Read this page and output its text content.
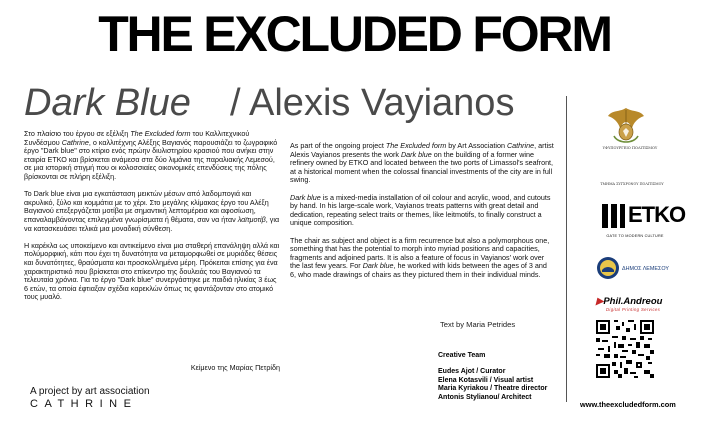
THE EXCLUDED FORM
Dark Blue / Alexis Vayianos

Στο πλαίσιο του έργου σε εξέλιξη The Excluded form του Καλλιτεχνικού Συνδέσμου Cathrine, ο καλλιτέχνης Αλέξης Βαγιανός παρουσιάζει το ζωγραφικό έργο "Dark blue" στο κτίριο ενός πρώην διυλιστηρίου κρασιού που ανήκει στην εταιρία ΕΤΚΟ και βρίσκεται ανάμεσα στα δύο λιμάνια της παραλιακής Λεμεσού, σε μια ιστορική στιγμή που οι κολοσσιαίες οικονομικές επενδύσεις της πόλης βρίσκονται σε πλήρη εξέλιξη.

Το Dark blue είναι μια εγκατάσταση μεικτών μέσων από λαδομπογιά και ακρυλικό, ξύλο και κομμάτια με το χέρι. Στο μεγάλης κλίμακας έργο του Αλέξη Βαγιανού επεξεργάζεται μοτίβα με σημαντική λεπτομέρεια και αφοσίωση, επαναλαμβάνοντας επιλεγμένα γνωρίσματα ή θέματα, σαν να ήταν λαϊτμοτίβ, για να κατασκευάσει τελικά μια μοναδική σύνθεση.

Η καρέκλα ως υποκείμενο και αντικείμενο είναι μια σταθερή επανάληψη αλλά και πολύμορφική, κάτι που έχει τη δυνατότητα να μεταμορφωθεί σε μυριάδες θέσεις και δυνατότητες, θραύσματα και προσκολλημένα μέρη. Πρόκειται επίσης για ένα χαρακτηριστικό που βρίσκεται στο επίκεντρο της δουλειάς του Βαγιανού τα τελευταία χρόνια. Για το έργο "Dark blue" συνεργάστηκε με παιδιά ηλικίας 3 έως 6 ετών, τα οποία έφτιαξαν σχέδια καρεκλών όπως τις φαντάζονταν στο ατομικό τους μυαλό.

Κείμενο της Μαρίας Πετρίδη
A project by art association
CATHRINE

As part of the ongoing project The Excluded form by Art Association Cathrine, artist Alexis Vayianos presents the work Dark blue on the building of a former wine refinery owned by ETKO and located between the two ports of Limassol's seafront, at a historical moment when the colossal financial investments of the city are in full swing.

Dark blue is a mixed-media installation of oil colour and acrylic, wood, and cutouts by hand. In his large-scale work, Vayianos treats patterns with great detail and dedication, repeating select traits or themes, like leitmotifs, to finally construct a unique composition.

The chair as subject and object is a firm recurrence but also a polymorphous one, something that has the potential to morph into myriad positions and capacities, fragments and adjoined parts. It is also a feature of focus in Vayianos' work over the last few years. For Dark blue, he worked with kids between the ages of 3 and 6, who made drawings of chairs as they pictured them in their individual minds.

Text by Maria Petrides
Creative Team
Eudes Ajot / Curator
Elena Kotasvili / Visual artist
Maria Kyriakou / Theatre director
Antonis Stylianou/ Architect
ΥΦΥΠΟΥΡΓΕΙΟ ΠΟΛΙΤΙΣΜΟΥ
ΤΜΗΜΑ ΣΥΓΧΡΟΝΟΥ ΠΟΛΙΤΙΣΜΟΥ
ETKO
GATE TO MODERN CULTURE
ΔΗΜΟΣ ΛΕΜΕΣΟΥ
▶Phil.Andreou
Digital Printing Services
www.theexcludedform.com
